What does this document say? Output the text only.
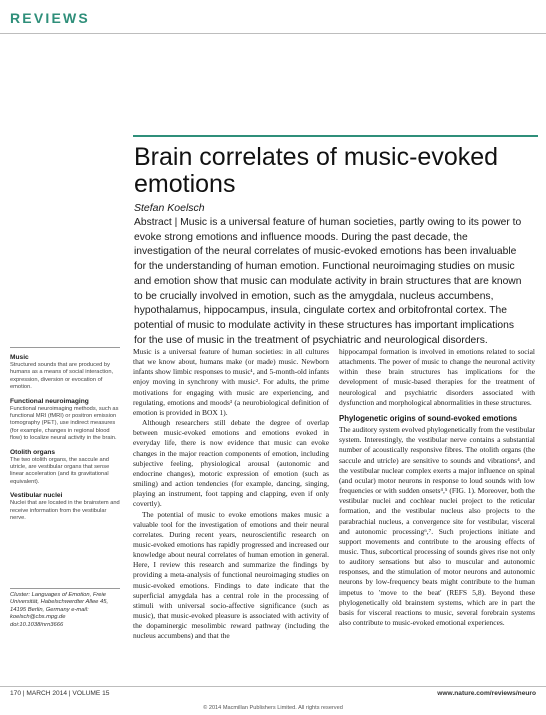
REVIEWS
Brain correlates of music-evoked emotions
Stefan Koelsch

Abstract | Music is a universal feature of human societies, partly owing to its power to evoke strong emotions and influence moods. During the past decade, the investigation of the neural correlates of music-evoked emotions has been invaluable for the understanding of human emotion. Functional neuroimaging studies on music and emotion show that music can modulate activity in brain structures that are known to be crucially involved in emotion, such as the amygdala, nucleus accumbens, hypothalamus, hippocampus, insula, cingulate cortex and orbitofrontal cortex. The potential of music to modulate activity in these structures has important implications for the use of music in the treatment of psychiatric and neurological disorders.

Music
Structured sounds that are produced by humans as a means of social interaction, expression, diversion or evocation of emotion.
Functional neuroimaging
Functional neuroimaging methods, such as functional MRI (fMRI) or positron emission tomography (PET), use indirect measures (for example, changes in regional blood flow) to localize neural activity in the brain.
Otolith organs
The two otolith organs, the saccule and utricle, are vestibular organs that sense linear acceleration (and its gravitational equivalent).
Vestibular nuclei
Nuclei that are located in the brainstem and receive information from the vestibular nerve.
Cluster: Languages of Emotion, Freie Universität, Habelschwerdter Allee 45, 14195 Berlin, Germany e-mail: koelsch@cbs.mpg.de doi:10.1038/nrn3666

Music is a universal feature of human societies: in all cultures that we know about, humans make (or made) music. Newborn infants show limbic responses to music¹, and 5-month-old infants enjoy moving in synchrony with music². For adults, the prime motivations for engaging with music are experiencing, and regulating, emotions and moods³ (a neurobiological definition of emotion is provided in BOX 1).

Although researchers still debate the degree of overlap between music-evoked emotions and emotions evoked in everyday life, there is now evidence that music can evoke changes in the major reaction components of emotion, including subjective feeling, physiological arousal (autonomic and endocrine changes), motoric expression of emotion (such as smiling) and action tendencies (for example, dancing, singing, playing an instrument, foot tapping and clapping, even if only covertly).

The potential of music to evoke emotions makes music a valuable tool for the investigation of emotions and their neural correlates. During recent years, neuroscientific research on music-evoked emotions has rapidly progressed and increased our knowledge about neural correlates of human emotion in general. Here, I review this research and summarize the findings by providing a meta-analysis of functional neuroimaging studies on music-evoked emotions. Findings to date indicate that the superficial amygdala has a central role in the processing of stimuli with universal socio-affective significance (such as music), that music-evoked pleasure is associated with activity of the dopaminergic mesolimbic reward pathway (including the nucleus accumbens) and that the

hippocampal formation is involved in emotions related to social attachments. The power of music to change the neuronal activity within these brain structures has implications for the development of music-based therapies for the treatment of neurological and psychiatric disorders associated with dysfunction and morphological abnormalities in these structures.

Phylogenetic origins of sound-evoked emotions

The auditory system evolved phylogenetically from the vestibular system. Interestingly, the vestibular nerve contains a substantial number of acoustically responsive fibres. The otolith organs (the saccule and utricle) are sensitive to sounds and vibrations⁴, and the vestibular nuclear complex exerts a major influence on spinal (and ocular) motor neurons in response to loud sounds with low frequencies or with sudden onsets⁴,⁵ (FIG. 1). Moreover, both the vestibular nuclei and cochlear nuclei project to the reticular formation, and the vestibular nucleus also projects to the parabrachial nucleus, a convergence site for vestibular, visceral and autonomic processing⁶,⁷. Such projections initiate and support movements and contribute to the arousing effects of music. Thus, subcortical processing of sounds gives rise not only to auditory sensations but also to muscular and autonomic responses, and the stimulation of motor neurons and autonomic neurons by low-frequency beats might contribute to the human impetus to 'move to the beat' (REFS 5,8). Beyond these phylogenetically old brainstem systems, which are in part the basis for visceral reactions to music, several forebrain systems also contribute to music-evoked emotional experiences.

170 | MARCH 2014 | VOLUME 15	www.nature.com/reviews/neuro
© 2014 Macmillan Publishers Limited. All rights reserved
